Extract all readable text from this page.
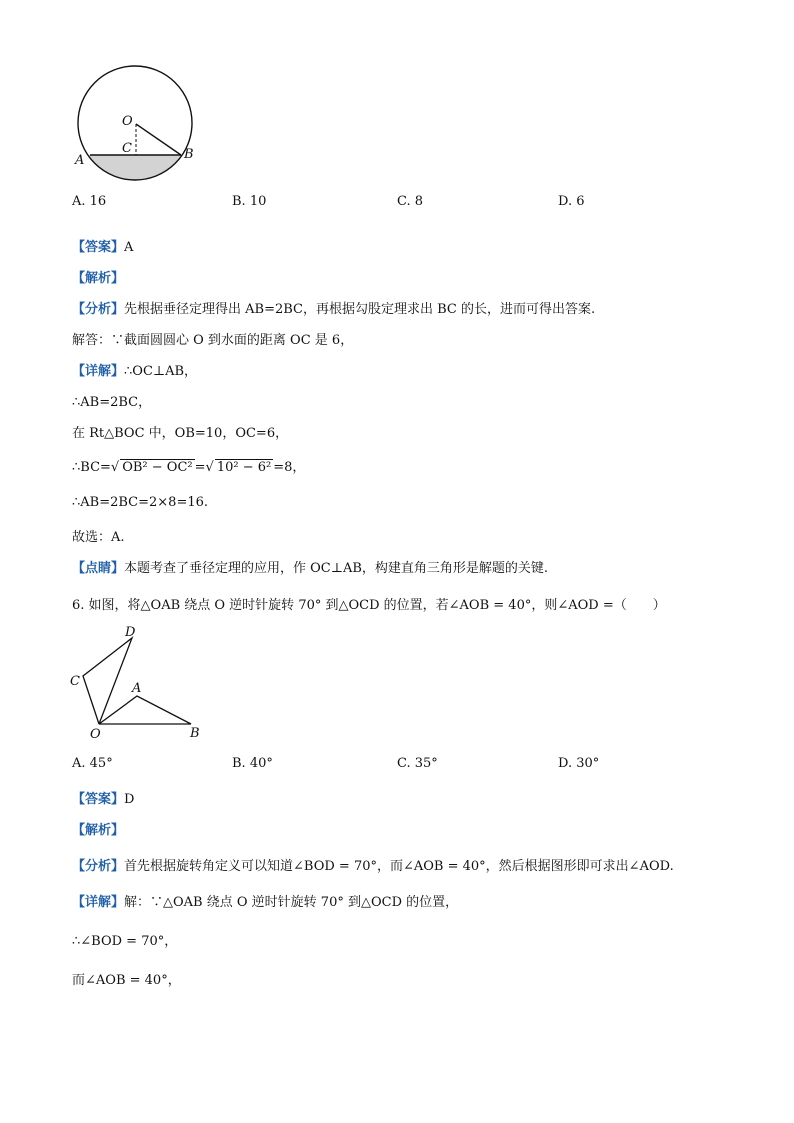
O
C
A	B
A. 16	B. 10	C. 8	D. 6
【答案】A
【解析】
【分析】先根据垂径定理得出 AB=2BC，再根据勾股定理求出 BC 的长，进而可得出答案.
解答：∵截面圆圆心 O 到水面的距离 OC 是 6，
【详解】∴OC⊥AB，
∴AB=2BC，
在 Rt△BOC 中，OB=10，OC=6，
∴BC=√ OB² − OC² =√ 10² − 6² =8，
∴AB=2BC=2×8=16.
故选：A.
【点睛】本题考查了垂径定理的应用，作 OC⊥AB，构建直角三角形是解题的关键.
6. 如图，将△OAB 绕点 O 逆时针旋转 70° 到△OCD 的位置，若∠AOB = 40°，则∠AOD =（　　）
D
C	A
O	B
A. 45°	B. 40°	C. 35°	D. 30°
【答案】D
【解析】
【分析】首先根据旋转角定义可以知道∠BOD = 70°，而∠AOB = 40°，然后根据图形即可求出∠AOD.
【详解】解：∵△OAB 绕点 O 逆时针旋转 70° 到△OCD 的位置，
∴∠BOD = 70°，
而∠AOB = 40°，
